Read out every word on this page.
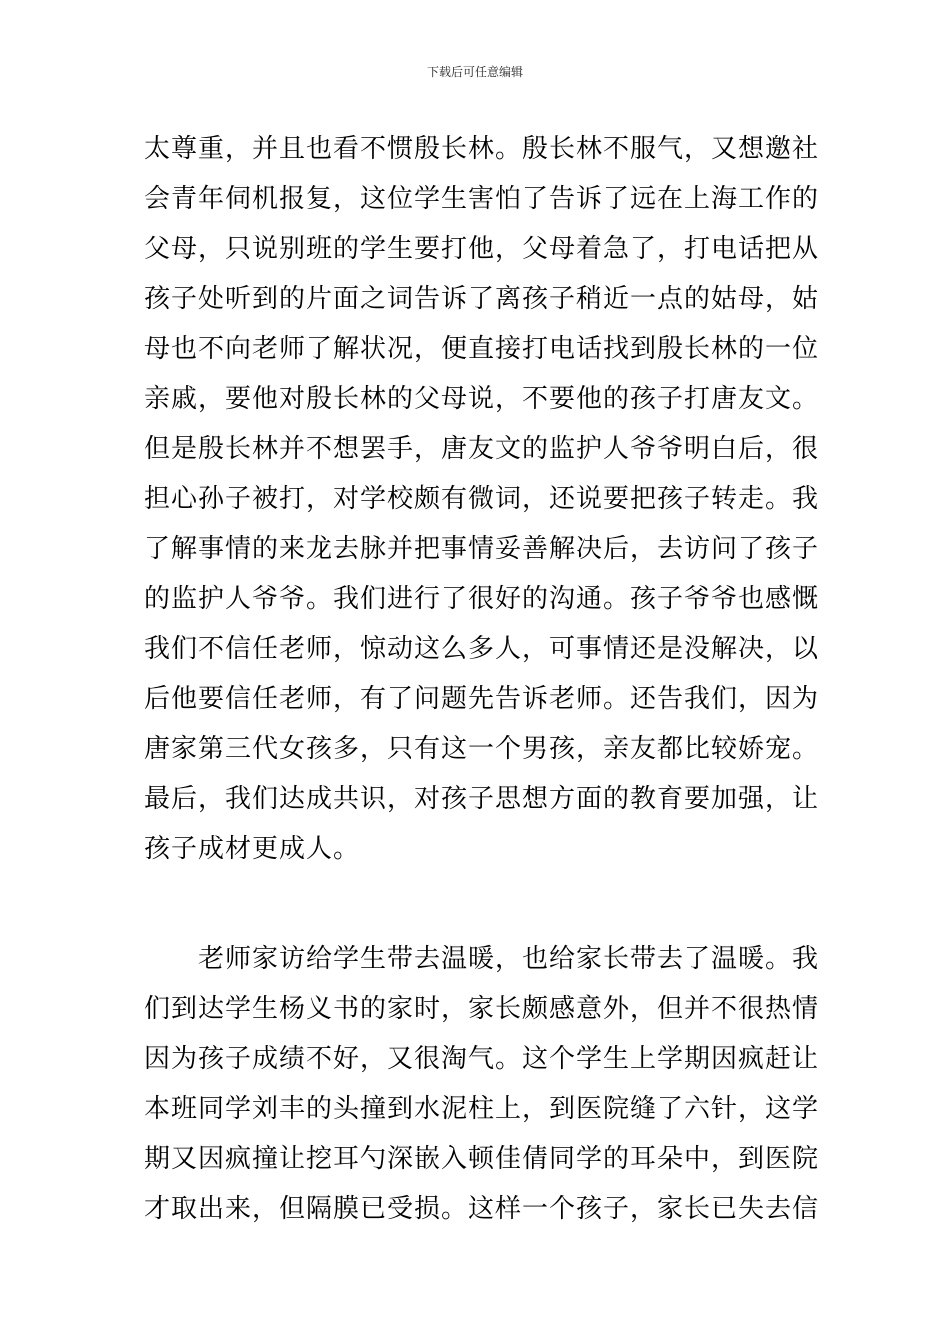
下载后可任意编辑
太尊重，并且也看不惯殷长林。殷长林不服气，又想邀社
会青年伺机报复，这位学生害怕了告诉了远在上海工作的
父母，只说别班的学生要打他，父母着急了，打电话把从
孩子处听到的片面之词告诉了离孩子稍近一点的姑母，姑
母也不向老师了解状况，便直接打电话找到殷长林的一位
亲戚，要他对殷长林的父母说，不要他的孩子打唐友文。
但是殷长林并不想罢手，唐友文的监护人爷爷明白后，很
担心孙子被打，对学校颇有微词，还说要把孩子转走。我
了解事情的来龙去脉并把事情妥善解决后，去访问了孩子
的监护人爷爷。我们进行了很好的沟通。孩子爷爷也感慨
我们不信任老师，惊动这么多人，可事情还是没解决，以
后他要信任老师，有了问题先告诉老师。还告我们，因为
唐家第三代女孩多，只有这一个男孩，亲友都比较娇宠。
最后，我们达成共识，对孩子思想方面的教育要加强，让
孩子成材更成人。
老师家访给学生带去温暖，也给家长带去了温暖。我
们到达学生杨义书的家时，家长颇感意外，但并不很热情
因为孩子成绩不好，又很淘气。这个学生上学期因疯赶让
本班同学刘丰的头撞到水泥柱上，到医院缝了六针，这学
期又因疯撞让挖耳勺深嵌入顿佳倩同学的耳朵中，到医院
才取出来，但隔膜已受损。这样一个孩子，家长已失去信
